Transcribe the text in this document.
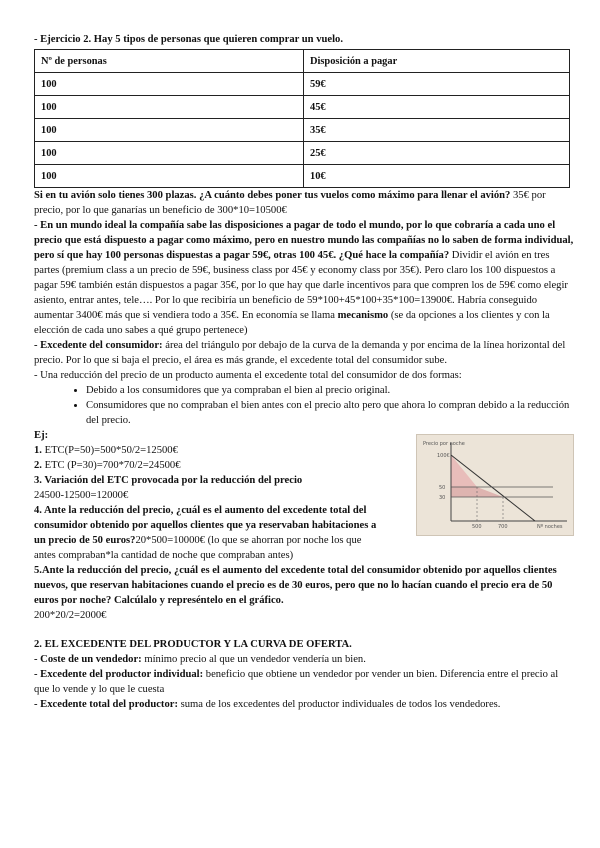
- Ejercicio 2. Hay 5 tipos de personas que quieren comprar un vuelo.

Nº de personas	Disposición a pagar
100	59€
100	45€
100	35€
100	25€
100	10€

Si en tu avión solo tienes 300 plazas. ¿A cuánto debes poner tus vuelos como máximo para llenar el avión? 35€ por precio, por lo que ganarías un beneficio de 300*10=10500€

- En un mundo ideal la compañía sabe las disposiciones a pagar de todo el mundo, por lo que cobraría a cada uno el precio que está dispuesto a pagar como máximo, pero en nuestro mundo las compañías no lo saben de forma individual, pero sí que hay 100 personas dispuestas a pagar 59€, otras 100 45€. ¿Qué hace la compañía? Dividir el avión en tres partes (premium class a un precio de 59€, business class por 45€ y economy class por 35€). Pero claro los 100 dispuestos a pagar 59€ también están dispuestos a pagar 35€, por lo que hay que darle incentivos para que compren los de 59€ como elegir asiento, entrar antes, tele…. Por lo que recibiría un beneficio de 59*100+45*100+35*100=13900€. Habría conseguido aumentar 3400€ más que si vendiera todo a 35€. En economía se llama mecanismo (se da opciones a los clientes y con la elección de cada uno sabes a qué grupo pertenece)

- Excedente del consumidor: área del triángulo por debajo de la curva de la demanda y por encima de la línea horizontal del precio. Por lo que si baja el precio, el área es más grande, el excedente total del consumidor sube.

- Una reducción del precio de un producto aumenta el excedente total del consumidor de dos formas:

• Debido a los consumidores que ya compraban el bien al precio original.
• Consumidores que no compraban el bien antes con el precio alto pero que ahora lo compran debido a la reducción del precio.

Ej:

1. ETC(P=50)=500*50/2=12500€

2. ETC (P=30)=700*70/2=24500€

3. Variación del ETC provocada por la reducción del precio

24500-12500=12000€

4. Ante la reducción del precio, ¿cuál es el aumento del excedente total del consumidor obtenido por aquellos clientes que ya reservaban habitaciones a un precio de 50 euros?20*500=10000€ (lo que se ahorran por noche los que antes compraban*la cantidad de noche que compraban antes)

5.Ante la reducción del precio, ¿cuál es el aumento del excedente total del consumidor obtenido por aquellos clientes nuevos, que reservan habitaciones cuando el precio es de 30 euros, pero que no lo hacían cuando el precio era de 50 euros por noche? Calcúlalo y represéntelo en el gráfico.

200*20/2=2000€

Precio por noche
100€
50
30
500	700	Nº noches

2. EL EXCEDENTE DEL PRODUCTOR Y LA CURVA DE OFERTA.

- Coste de un vendedor: mínimo precio al que un vendedor vendería un bien.

- Excedente del productor individual: beneficio que obtiene un vendedor por vender un bien. Diferencia entre el precio al que lo vende y lo que le cuesta

- Excedente total del productor: suma de los excedentes del productor individuales de todos los vendedores.
